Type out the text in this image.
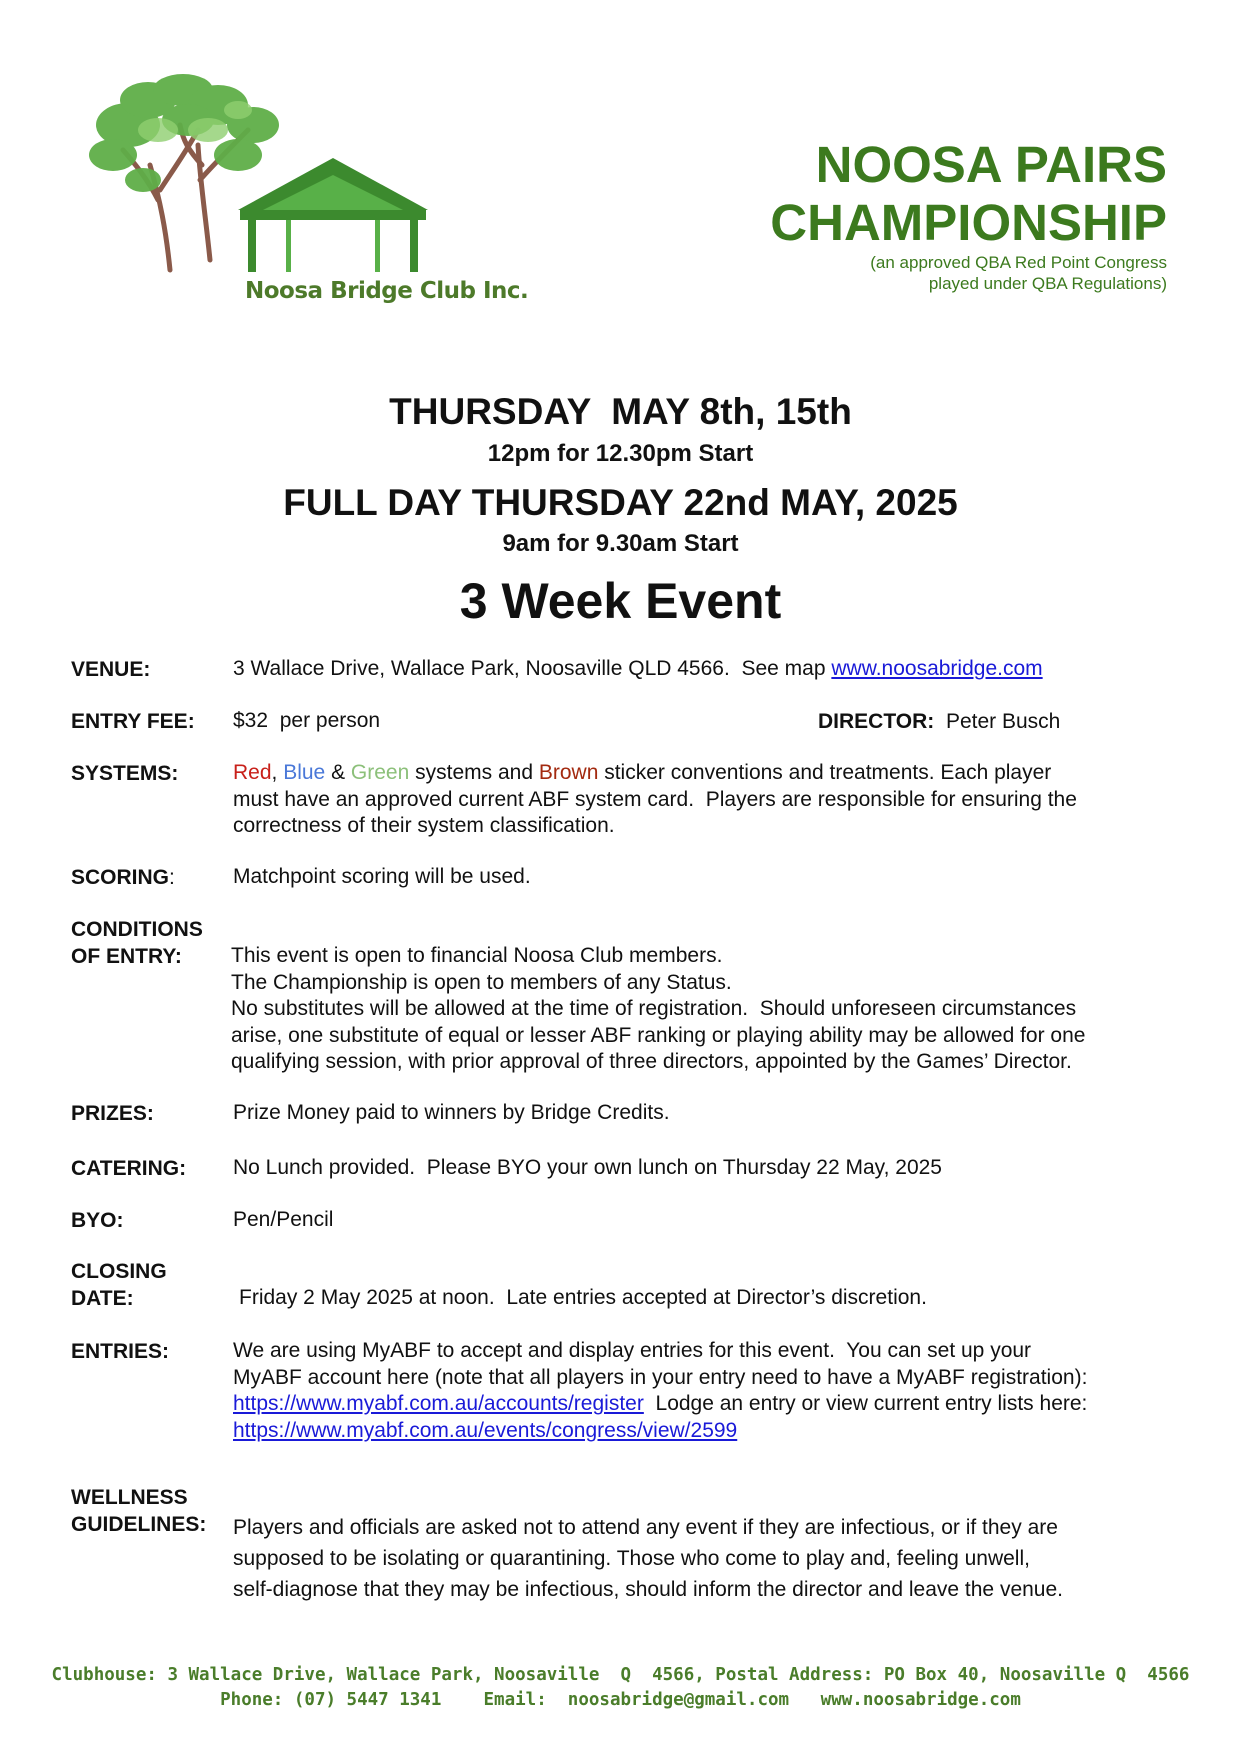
Noosa Bridge Club Inc.
NOOSA PAIRS
CHAMPIONSHIP
(an approved QBA Red Point Congress
played under QBA Regulations)
THURSDAY  MAY 8th, 15th
12pm for 12.30pm Start
FULL DAY THURSDAY 22nd MAY, 2025
9am for 9.30am Start
3 Week Event
VENUE:	3 Wallace Drive, Wallace Park, Noosaville QLD 4566.  See map www.noosabridge.com
ENTRY FEE: $32  per person	DIRECTOR: Peter Busch
SYSTEMS:	Red, Blue & Green systems and Brown sticker conventions and treatments. Each player
must have an approved current ABF system card.  Players are responsible for ensuring the
correctness of their system classification.
SCORING:	Matchpoint scoring will be used.
CONDITIONS
OF ENTRY:	This event is open to financial Noosa Club members.
The Championship is open to members of any Status.
No substitutes will be allowed at the time of registration.  Should unforeseen circumstances
arise, one substitute of equal or lesser ABF ranking or playing ability may be allowed for one
qualifying session, with prior approval of three directors, appointed by the Games’ Director.
PRIZES:	Prize Money paid to winners by Bridge Credits.
CATERING: No Lunch provided.  Please BYO your own lunch on Thursday 22 May, 2025
BYO:	Pen/Pencil
CLOSING
DATE:	Friday 2 May 2025 at noon.  Late entries accepted at Director’s discretion.
ENTRIES:	We are using MyABF to accept and display entries for this event.  You can set up your
MyABF account here (note that all players in your entry need to have a MyABF registration):
https://www.myabf.com.au/accounts/register  Lodge an entry or view current entry lists here:
https://www.myabf.com.au/events/congress/view/2599
WELLNESS
GUIDELINES: Players and officials are asked not to attend any event if they are infectious, or if they are
supposed to be isolating or quarantining. Those who come to play and, feeling unwell,
self-diagnose that they may be infectious, should inform the director and leave the venue.
Clubhouse: 3 Wallace Drive, Wallace Park, Noosaville  Q  4566, Postal Address: PO Box 40, Noosaville Q  4566
Phone: (07) 5447 1341    Email:  noosabridge@gmail.com   www.noosabridge.com
